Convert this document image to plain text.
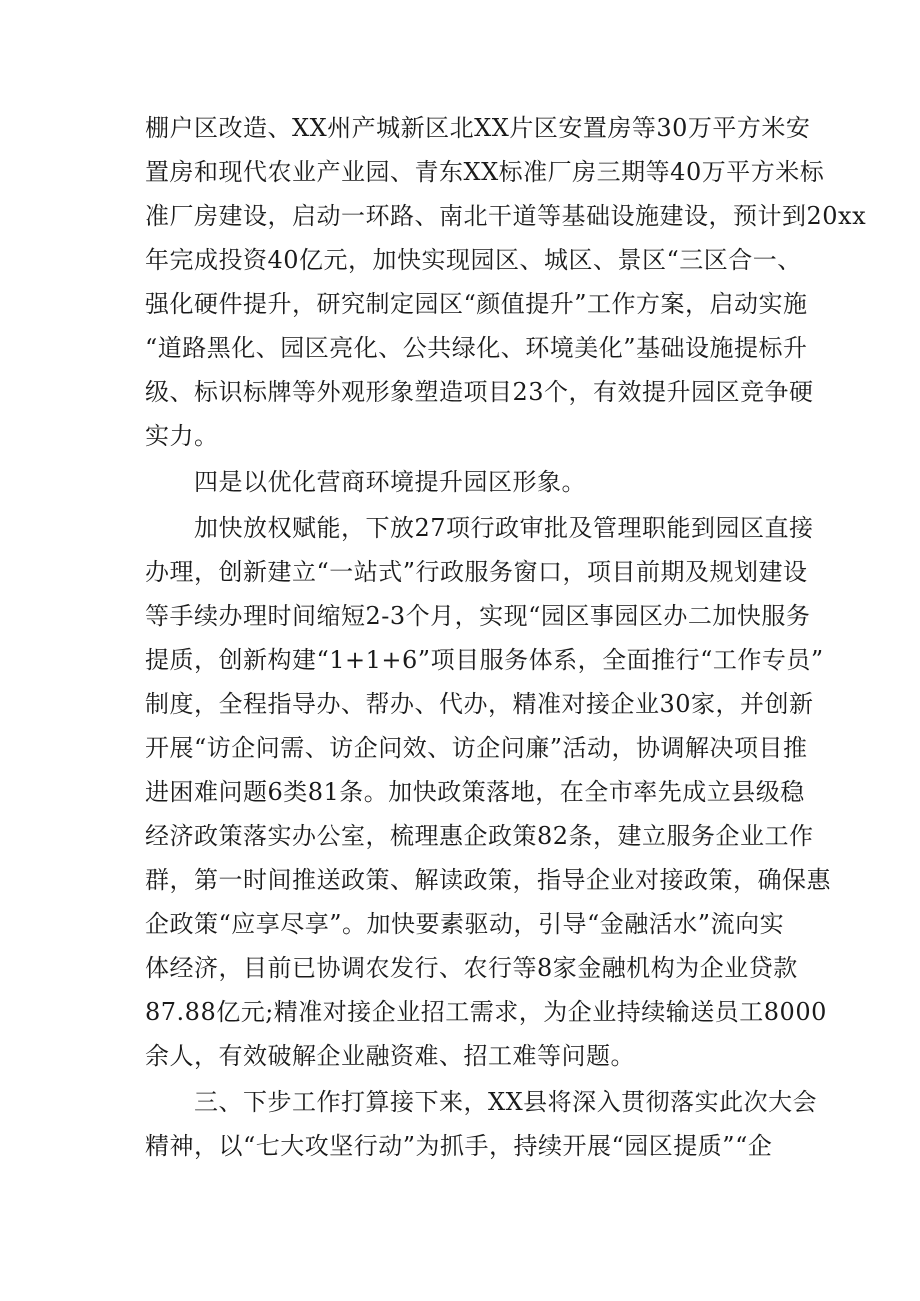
棚户区改造、XX州产城新区北XX片区安置房等30万平方米安
置房和现代农业产业园、青东XX标准厂房三期等40万平方米标
准厂房建设，启动一环路、南北干道等基础设施建设，预计到20xx
年完成投资40亿元，加快实现园区、城区、景区“三区合一、
强化硬件提升，研究制定园区“颜值提升”工作方案，启动实施
“道路黑化、园区亮化、公共绿化、环境美化”基础设施提标升
级、标识标牌等外观形象塑造项目23个，有效提升园区竞争硬
实力。
四是以优化营商环境提升园区形象。
加快放权赋能，下放27项行政审批及管理职能到园区直接
办理，创新建立“一站式”行政服务窗口，项目前期及规划建设
等手续办理时间缩短2-3个月，实现“园区事园区办二加快服务
提质，创新构建“1+1+6”项目服务体系，全面推行“工作专员”
制度，全程指导办、帮办、代办，精准对接企业30家，并创新
开展“访企问需、访企问效、访企问廉”活动，协调解决项目推
进困难问题6类81条。加快政策落地，在全市率先成立县级稳
经济政策落实办公室，梳理惠企政策82条，建立服务企业工作
群，第一时间推送政策、解读政策，指导企业对接政策，确保惠
企政策“应享尽享”。加快要素驱动，引导“金融活水”流向实
体经济，目前已协调农发行、农行等8家金融机构为企业贷款
87.88亿元;精准对接企业招工需求，为企业持续输送员工8000
余人，有效破解企业融资难、招工难等问题。
三、下步工作打算接下来，XX县将深入贯彻落实此次大会
精神，以“七大攻坚行动”为抓手，持续开展“园区提质”“企
